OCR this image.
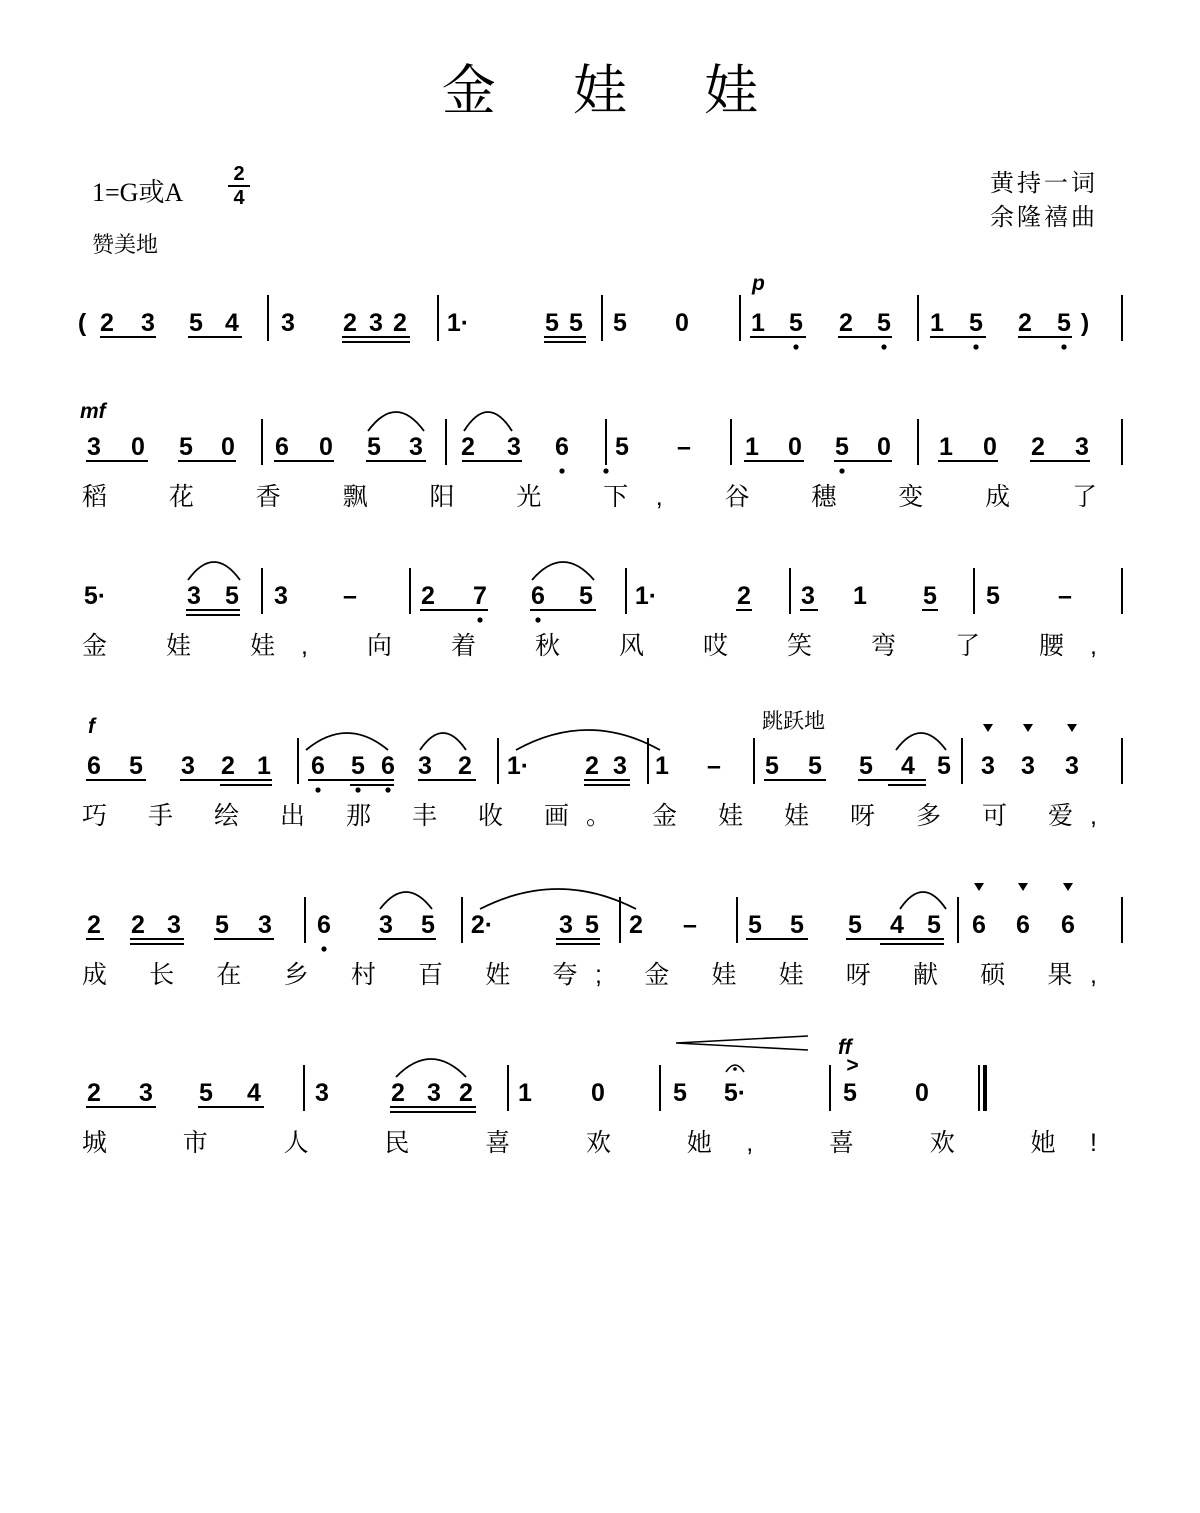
金 娃 娃
1=G或A
2
4
赞美地
跳跃地
黄持一词
余隆禧曲
( 2 3 5 4 3 2 3 2 1·	5 5 5 0 1 5 2 5 1 5 2 5 )
3 0 5 0 6 0 5 3 2 3 6 5 – 1 0 5 0 1 0 2 3
稻 花 香 飘 阳 光 下, 谷 穗 变 成 了
5·	3 5 3 –	2 7 6 5 1·	2 3 1 5 5 –
金 娃 娃, 向 着 秋 风 哎 笑 弯 了 腰,
6 5 3 2 1 6 5 6 3 2 1· 2 3 1 – 5 5 5 4 5 3 3 3
巧 手 绘 出 那 丰 收 画。 金 娃 娃 呀 多 可 爱,
2 2 3 5 3 6 3 5 2·	3 5 2 – 5 5 5 4 5 6 6 6
成 长 在 乡 村 百 姓 夸; 金 娃 娃 呀 献 硕 果,
2 3 5 4 3 2 3 2 1 0	5 5·	5 0
城 市 人 民 喜 欢 她, 喜 欢 她!
p
mf
f
ff
>
